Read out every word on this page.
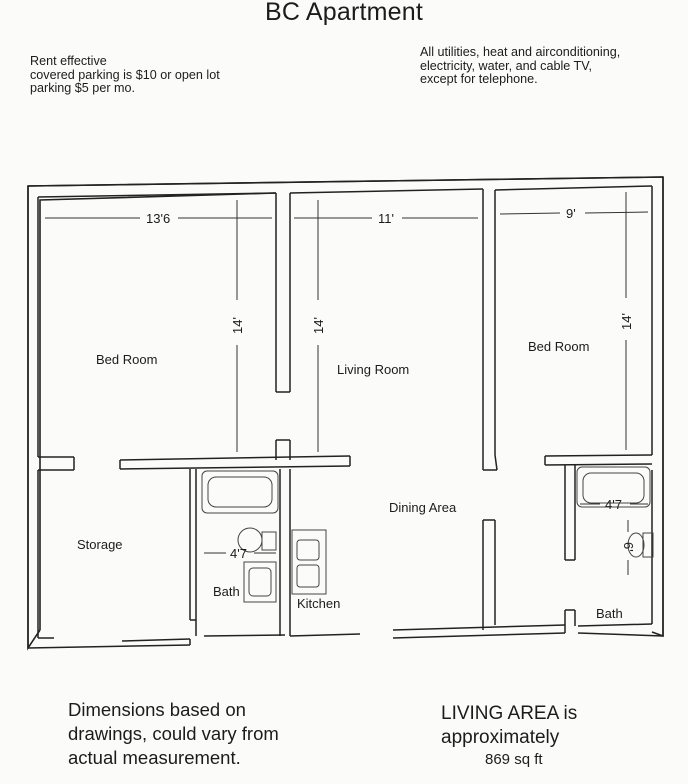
BC Apartment
Rent effective
covered parking is $10 or open lot
parking $5 per mo.
All utilities, heat and airconditioning,
electricity, water, and cable TV,
except for telephone.
Bed Room
Living Room
Bed Room
Storage
Bath
Kitchen
Dining Area
Bath
13'6
14'
11'
14'
9'
14'
4'7
4'7
6'
Dimensions based on
drawings, could vary from
actual measurement.
LIVING AREA is
approximately
869 sq ft
